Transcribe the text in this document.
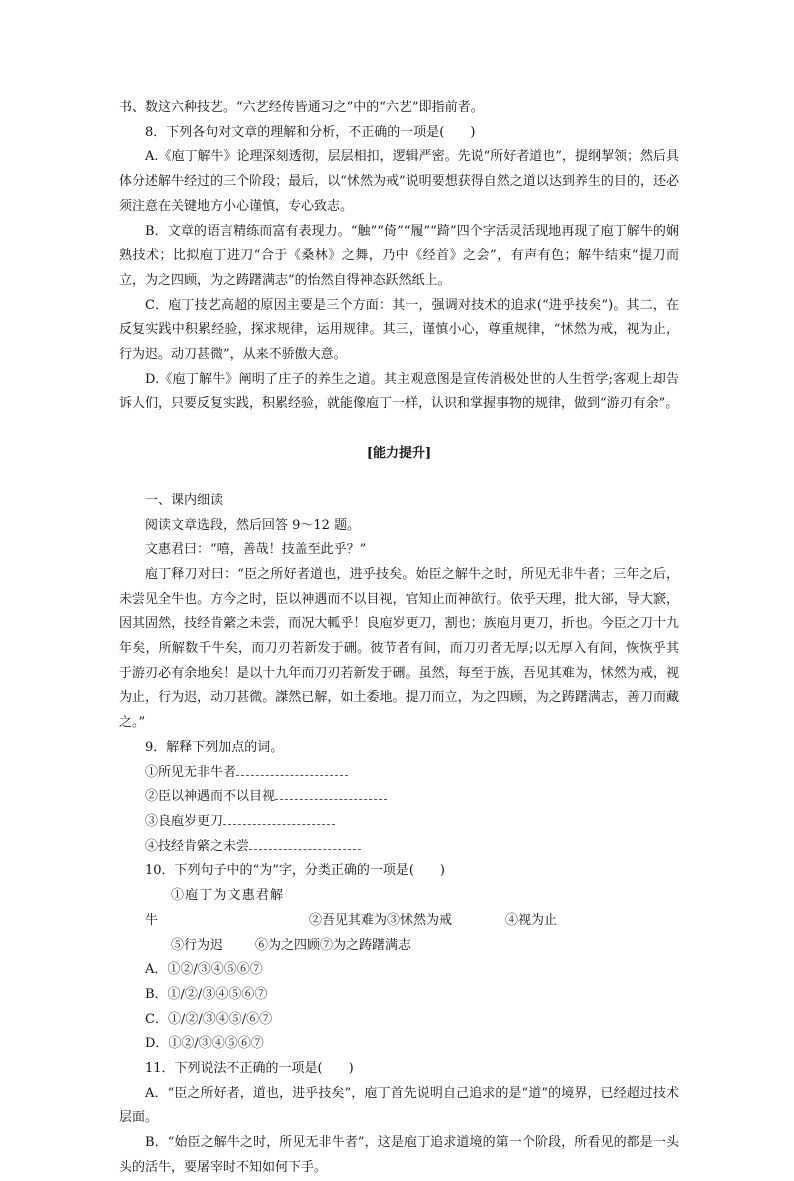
书、数这六种技艺。“六艺经传皆通习之”中的“六艺”即指前者。

8．下列各句对文章的理解和分析，不正确的一项是(　　)

A.《庖丁解牛》论理深刻透彻，层层相扣，逻辑严密。先说“所好者道也”，提纲挈领；然后具体分述解牛经过的三个阶段；最后，以“怵然为戒”说明要想获得自然之道以达到养生的目的，还必须注意在关键地方小心谨慎，专心致志。

B．文章的语言精练而富有表现力。“触”“倚”“履”“踦”四个字活灵活现地再现了庖丁解牛的娴熟技术；比拟庖丁进刀“合于《桑林》之舞，乃中《经首》之会”，有声有色；解牛结束“提刀而立，为之四顾，为之踌躇满志”的怡然自得神态跃然纸上。

C．庖丁技艺高超的原因主要是三个方面：其一，强调对技术的追求(“进乎技矣”)。其二，在反复实践中积累经验，探求规律，运用规律。其三，谨慎小心，尊重规律，“怵然为戒，视为止，行为迟。动刀甚微”，从来不骄傲大意。

D.《庖丁解牛》阐明了庄子的养生之道。其主观意图是宣传消极处世的人生哲学;客观上却告诉人们，只要反复实践，积累经验，就能像庖丁一样，认识和掌握事物的规律，做到“游刃有余”。

[能力提升]

一、课内细读

阅读文章选段，然后回答 9～12 题。

文惠君曰：“嘻，善哉！技盖至此乎？”

庖丁释刀对曰：“臣之所好者道也，进乎技矣。始臣之解牛之时，所见无非牛者；三年之后，未尝见全牛也。方今之时，臣以神遇而不以目视，官知止而神欲行。依乎天理，批大郤，导大窾，因其固然，技经肯綮之未尝，而况大軱乎！良庖岁更刀，割也；族庖月更刀，折也。今臣之刀十九年矣，所解数千牛矣，而刀刃若新发于硎。彼节者有间，而刀刃者无厚;以无厚入有间，恢恢乎其于游刃必有余地矣！是以十九年而刀刃若新发于硎。虽然，每至于族，吾见其难为，怵然为戒，视为止，行为迟，动刀甚微。謋然已解，如土委地。提刀而立，为之四顾，为之踌躇满志，善刀而藏之。”

9．解释下列加点的词。

①所见无非牛者

②臣以神遇而不以目视

③良庖岁更刀

④技经肯綮之未尝

10．下列句子中的“为”字，分类正确的一项是(　　)

①庖丁为文惠君解牛	②吾见其难为③怵然为戒	④视为止

⑤行为迟 ⑥为之四顾⑦为之踌躇满志

A．①②/③④⑤⑥⑦

B．①/②/③④⑤⑥⑦

C．①/②/③④⑤/⑥⑦

D．①②/③④⑤⑥⑦

11．下列说法不正确的一项是(　　)

A．“臣之所好者，道也，进乎技矣”，庖丁首先说明自己追求的是“道”的境界，已经超过技术层面。

B．“始臣之解牛之时，所见无非牛者”，这是庖丁追求道境的第一个阶段，所看见的都是一头头的活牛，要屠宰时不知如何下手。
